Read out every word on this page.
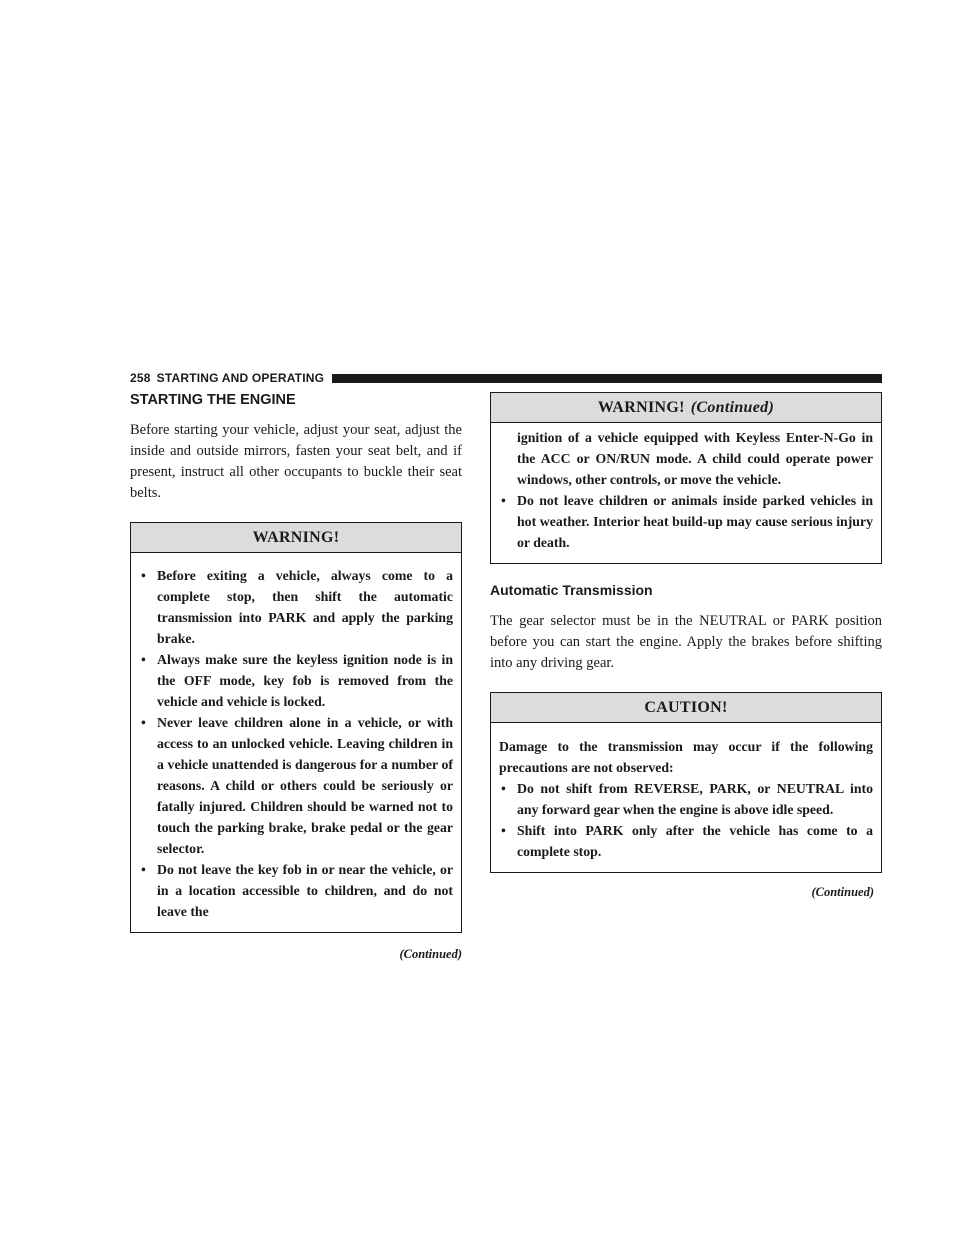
258 STARTING AND OPERATING
STARTING THE ENGINE

Before starting your vehicle, adjust your seat, adjust the inside and outside mirrors, fasten your seat belt, and if present, instruct all other occupants to buckle their seat belts.

WARNING!
• Before exiting a vehicle, always come to a complete stop, then shift the automatic transmission into PARK and apply the parking brake.
• Always make sure the keyless ignition node is in the OFF mode, key fob is removed from the vehicle and vehicle is locked.
• Never leave children alone in a vehicle, or with access to an unlocked vehicle. Leaving children in a vehicle unattended is dangerous for a number of reasons. A child or others could be seriously or fatally injured. Children should be warned not to touch the parking brake, brake pedal or the gear selector.
• Do not leave the key fob in or near the vehicle, or in a location accessible to children, and do not leave the
(Continued)
WARNING! (Continued)

ignition of a vehicle equipped with Keyless Enter-N-Go in the ACC or ON/RUN mode. A child could operate power windows, other controls, or move the vehicle.

• Do not leave children or animals inside parked vehicles in hot weather. Interior heat build-up may cause serious injury or death.
Automatic Transmission

The gear selector must be in the NEUTRAL or PARK position before you can start the engine. Apply the brakes before shifting into any driving gear.

CAUTION!

Damage to the transmission may occur if the following precautions are not observed:

• Do not shift from REVERSE, PARK, or NEUTRAL into any forward gear when the engine is above idle speed.
• Shift into PARK only after the vehicle has come to a complete stop.
(Continued)
